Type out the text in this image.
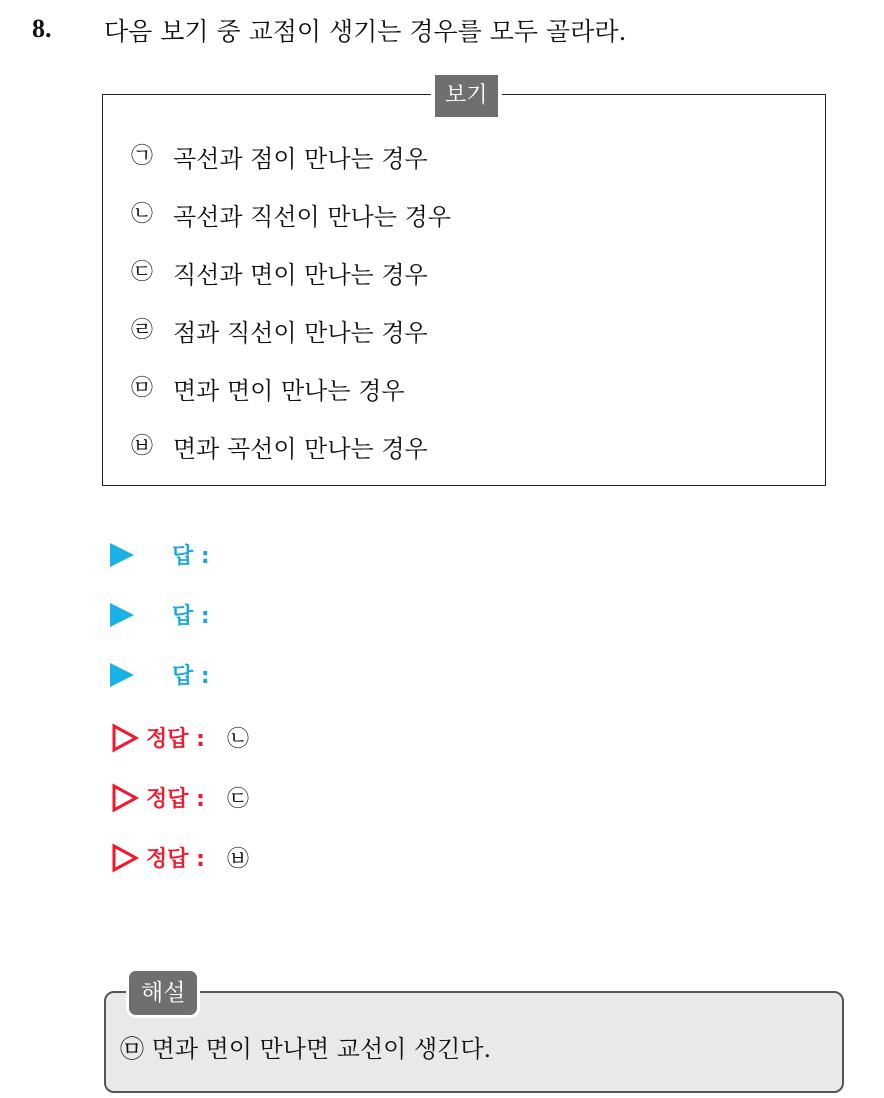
8. 다음 보기 중 교점이 생기는 경우를 모두 골라라.
보기
㉠ 곡선과 점이 만나는 경우
㉡ 곡선과 직선이 만나는 경우
㉢ 직선과 면이 만나는 경우
㉣ 점과 직선이 만나는 경우
㉤ 면과 면이 만나는 경우
㉥ 면과 곡선이 만나는 경우
답 :
답 :
답 :
정답 : ㉡
정답 : ㉢
정답 : ㉥
㉤ 면과 면이 만나면 교선이 생긴다.
해설
